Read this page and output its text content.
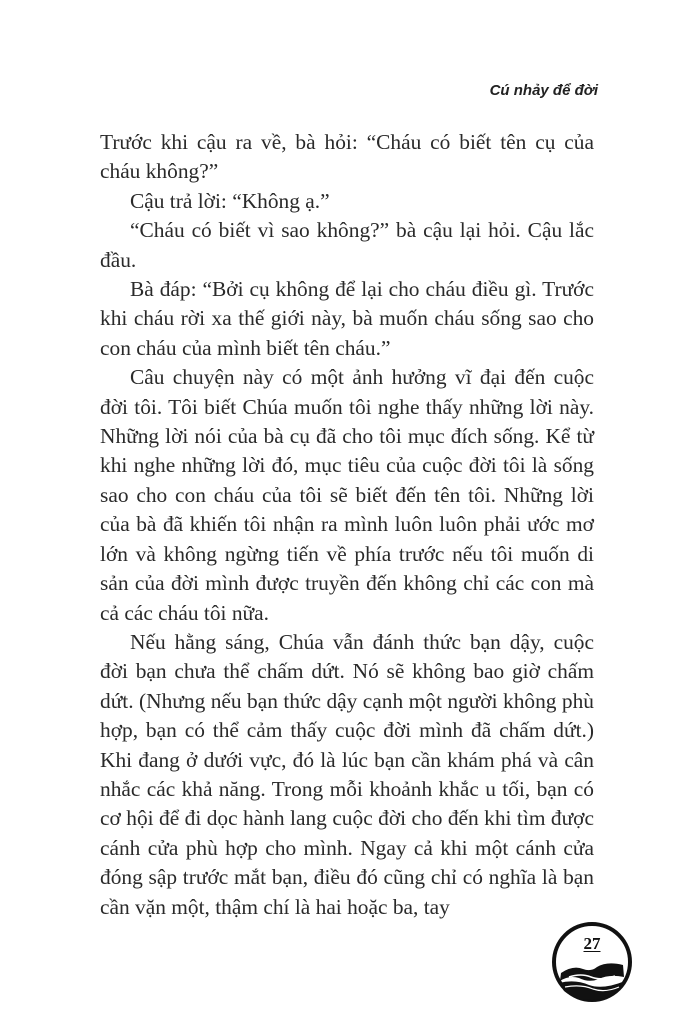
Cú nhảy để đời

Trước khi cậu ra về, bà hỏi: “Cháu có biết tên cụ của cháu không?”

Cậu trả lời: “Không ạ.”

“Cháu có biết vì sao không?” bà cậu lại hỏi. Cậu lắc đầu.

Bà đáp: “Bởi cụ không để lại cho cháu điều gì. Trước khi cháu rời xa thế giới này, bà muốn cháu sống sao cho con cháu của mình biết tên cháu.”

Câu chuyện này có một ảnh hưởng vĩ đại đến cuộc đời tôi. Tôi biết Chúa muốn tôi nghe thấy những lời này. Những lời nói của bà cụ đã cho tôi mục đích sống. Kể từ khi nghe những lời đó, mục tiêu của cuộc đời tôi là sống sao cho con cháu của tôi sẽ biết đến tên tôi. Những lời của bà đã khiến tôi nhận ra mình luôn luôn phải ước mơ lớn và không ngừng tiến về phía trước nếu tôi muốn di sản của đời mình được truyền đến không chỉ các con mà cả các cháu tôi nữa.

Nếu hằng sáng, Chúa vẫn đánh thức bạn dậy, cuộc đời bạn chưa thể chấm dứt. Nó sẽ không bao giờ chấm dứt. (Nhưng nếu bạn thức dậy cạnh một người không phù hợp, bạn có thể cảm thấy cuộc đời mình đã chấm dứt.) Khi đang ở dưới vực, đó là lúc bạn cần khám phá và cân nhắc các khả năng. Trong mỗi khoảnh khắc u tối, bạn có cơ hội để đi dọc hành lang cuộc đời cho đến khi tìm được cánh cửa phù hợp cho mình. Ngay cả khi một cánh cửa đóng sập trước mắt bạn, điều đó cũng chỉ có nghĩa là bạn cần vặn một, thậm chí là hai hoặc ba, tay

27
